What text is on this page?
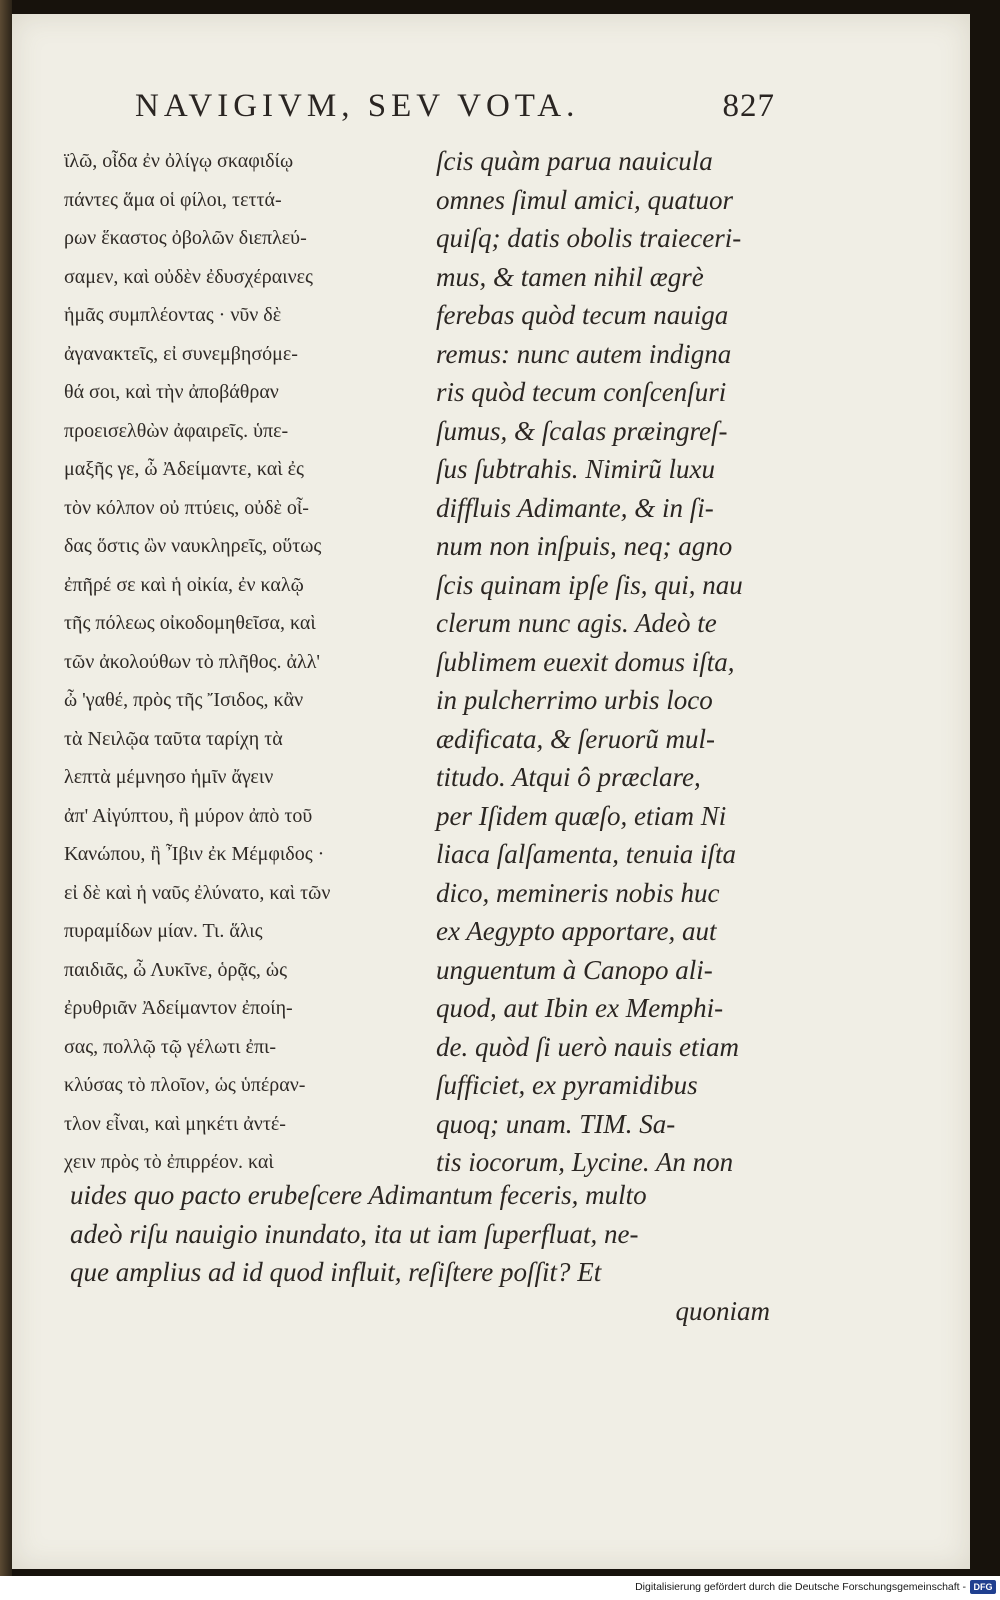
NAVIGIVM, SEV VOTA.	827
ϊλῶ, οἶδα ἐν ὀλίγῳ σκαφιδίῳ
πάντες ἅμα οἱ φίλοι, τεττά-
ρων ἕκαστος ὀβολῶν διεπλεύ-
σαμεν, καὶ οὐδὲν ἐδυσχέραινες
ἡμᾶς συμπλέοντας · νῦν δὲ
ἀγανακτεῖς, εἰ συνεμβησόμε-
θά σοι, καὶ τὴν ἀποβάθραν
προεισελθὼν ἀφαιρεῖς. ὑπε-
μαξῆς γε, ὦ Ἀδείμαντε, καὶ ἐς
τὸν κόλπον οὐ πτύεις, οὐδὲ οἶ-
δας ὅστις ὢν ναυκληρεῖς, οὕτως
ἐπῆρέ σε καὶ ἡ οἰκία, ἐν καλῷ
τῆς πόλεως οἰκοδομηθεῖσα, καὶ
τῶν ἀκολούθων τὸ πλῆθος. ἀλλ'
ὦ 'γαθέ, πρὸς τῆς Ἴσιδος, κἂν
τὰ Νειλῷα ταῦτα ταρίχη τὰ
λεπτὰ μέμνησο ἡμῖν ἄγειν
ἀπ' Αἰγύπτου, ἢ μύρον ἀπὸ τοῦ
Κανώπου, ἢ Ἶβιν ἐκ Μέμφιδος ·
εἰ δὲ καὶ ἡ ναῦς ἐλύνατο, καὶ τῶν
πυραμίδων μίαν. Τι. ἅλις
παιδιᾶς, ὦ Λυκῖνε, ὁρᾷς, ὡς
ἐρυθριᾶν Ἀδείμαντον ἐποίη-
σας, πολλῷ τῷ γέλωτι ἐπι-
κλύσας τὸ πλοῖον, ὡς ὑπέραν-
τλον εἶναι, καὶ μηκέτι ἀντέ-
χειν πρὸς τὸ ἐπιρρέον. καὶ
ſcis quàm parua nauicula
omnes ſimul amici, quatuor
quiſq; datis obolis traieceri-
mus, & tamen nihil ægrè
ferebas quòd tecum nauiga
remus: nunc autem indigna
ris quòd tecum conſcenſuri
ſumus, & ſcalas præingreſ-
ſus ſubtrahis. Nimirũ luxu
diffluis Adimante, & in ſi-
num non inſpuis, neq; agno
ſcis quinam ipſe ſis, qui, nau
clerum nunc agis. Adeò te
ſublimem euexit domus iſta,
in pulcherrimo urbis loco
ædificata, & ſeruorũ mul-
titudo. Atqui ô præclare,
per Iſidem quæſo, etiam Ni
liaca ſalſamenta, tenuia iſta
dico, memineris nobis huc
ex Aegypto apportare, aut
unguentum à Canopo ali-
quod, aut Ibin ex Memphi-
de. quòd ſi uerò nauis etiam
ſufficiet, ex pyramidibus
quoq; unam. TIM. Sa-
tis iocorum, Lycine. An non
uides quo pacto erubeſcere Adimantum feceris, multo
adeò riſu nauigio inundato, ita ut iam ſuperfluat, ne-
que amplius ad id quod influit, reſiſtere poſſit? Et
quoniam
Digitalisierung gefördert durch die Deutsche Forschungsgemeinschaft - DFG
